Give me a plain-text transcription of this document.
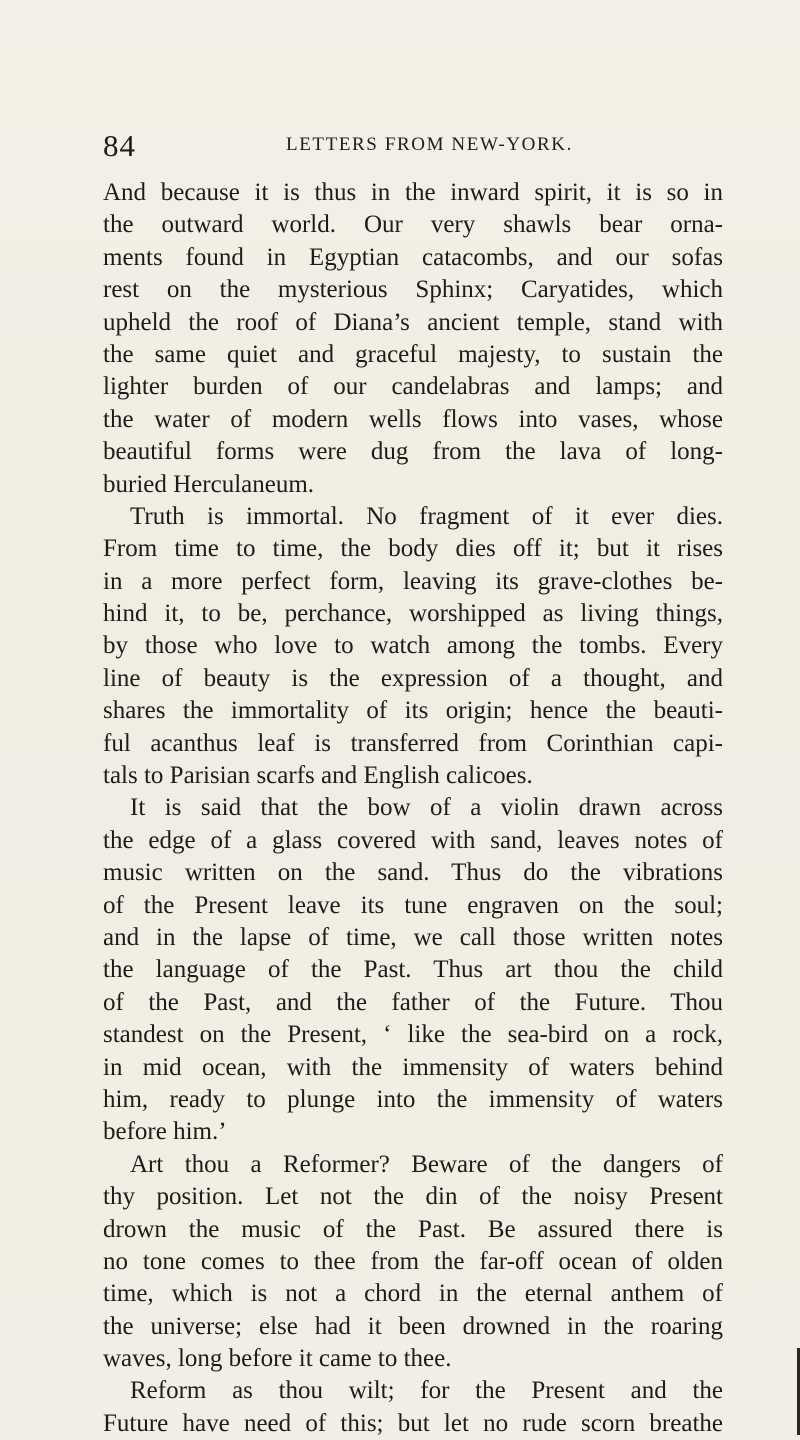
84	LETTERS FROM NEW-YORK.
And because it is thus in the inward spirit, it is so in
the outward world. Our very shawls bear orna-
ments found in Egyptian catacombs, and our sofas
rest on the mysterious Sphinx; Caryatides, which
upheld the roof of Diana’s ancient temple, stand with
the same quiet and graceful majesty, to sustain the
lighter burden of our candelabras and lamps; and
the water of modern wells flows into vases, whose
beautiful forms were dug from the lava of long-
buried Herculaneum.
Truth is immortal. No fragment of it ever dies.
From time to time, the body dies off it; but it rises
in a more perfect form, leaving its grave-clothes be-
hind it, to be, perchance, worshipped as living things,
by those who love to watch among the tombs. Every
line of beauty is the expression of a thought, and
shares the immortality of its origin; hence the beauti-
ful acanthus leaf is transferred from Corinthian capi-
tals to Parisian scarfs and English calicoes.
It is said that the bow of a violin drawn across
the edge of a glass covered with sand, leaves notes of
music written on the sand. Thus do the vibrations
of the Present leave its tune engraven on the soul;
and in the lapse of time, we call those written notes
the language of the Past. Thus art thou the child
of the Past, and the father of the Future. Thou
standest on the Present, ‘ like the sea-bird on a rock,
in mid ocean, with the immensity of waters behind
him, ready to plunge into the immensity of waters
before him.’
Art thou a Reformer? Beware of the dangers of
thy position. Let not the din of the noisy Present
drown the music of the Past. Be assured there is
no tone comes to thee from the far-off ocean of olden
time, which is not a chord in the eternal anthem of
the universe; else had it been drowned in the roaring
waves, long before it came to thee.
Reform as thou wilt; for the Present and the
Future have need of this; but let no rude scorn breathe
